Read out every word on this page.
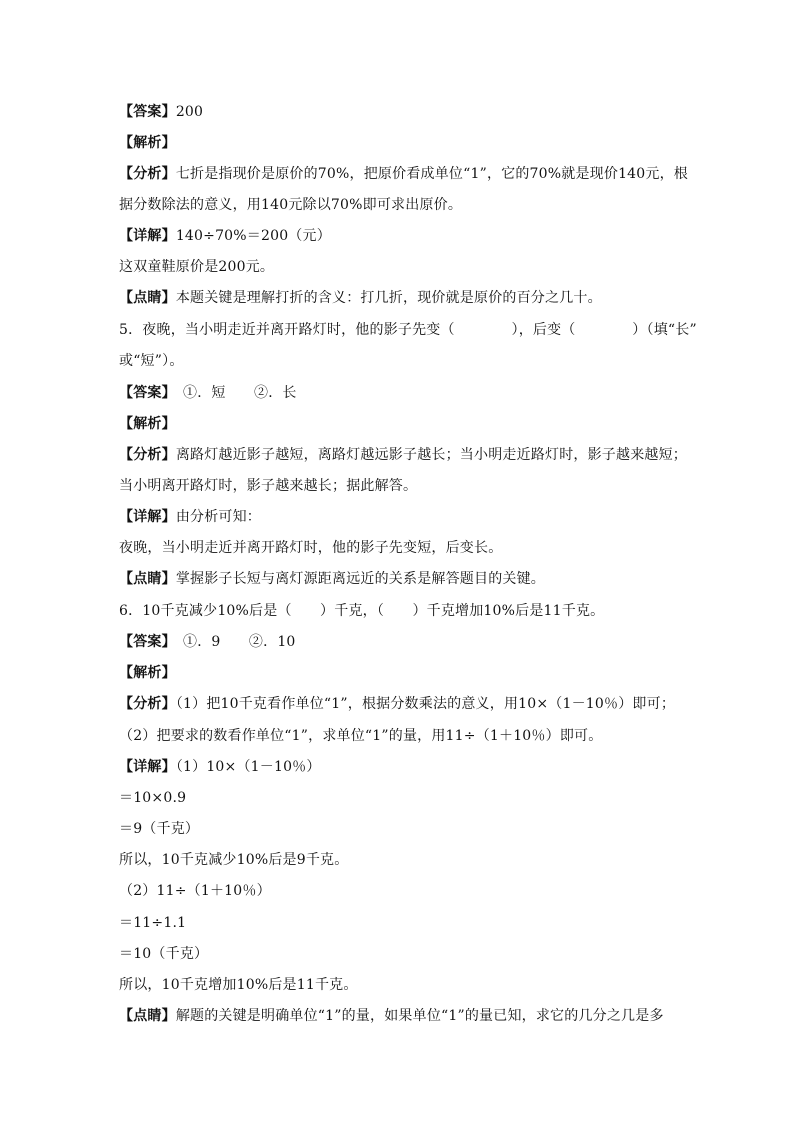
【答案】200
【解析】
【分析】七折是指现价是原价的70%，把原价看成单位“1”，它的70%就是现价140元，根
据分数除法的意义，用140元除以70%即可求出原价。
【详解】140÷70%＝200（元）
这双童鞋原价是200元。
【点睛】本题关键是理解打折的含义：打几折，现价就是原价的百分之几十。
5．夜晚，当小明走近并离开路灯时，他的影子先变（　　　　），后变（　　　　）（填“长”
或“短”）。
【答案】　①．短　　②．长
【解析】
【分析】离路灯越近影子越短，离路灯越远影子越长；当小明走近路灯时，影子越来越短；
当小明离开路灯时，影子越来越长；据此解答。
【详解】由分析可知：
夜晚，当小明走近并离开路灯时，他的影子先变短，后变长。
【点睛】掌握影子长短与离灯源距离远近的关系是解答题目的关键。
6．10千克减少10%后是（　　）千克，（　　）千克增加10%后是11千克。
【答案】　①．9　　②．10
【解析】
【分析】（1）把10千克看作单位“1”，根据分数乘法的意义，用10×（1－10％）即可；
（2）把要求的数看作单位“1”，求单位“1”的量，用11÷（1＋10％）即可。
【详解】（1）10×（1－10％）
＝10×0.9
＝9（千克）
所以，10千克减少10%后是9千克。
（2）11÷（1＋10％）
＝11÷1.1
＝10（千克）
所以，10千克增加10%后是11千克。
【点睛】解题的关键是明确单位“1”的量，如果单位“1”的量已知，求它的几分之几是多
